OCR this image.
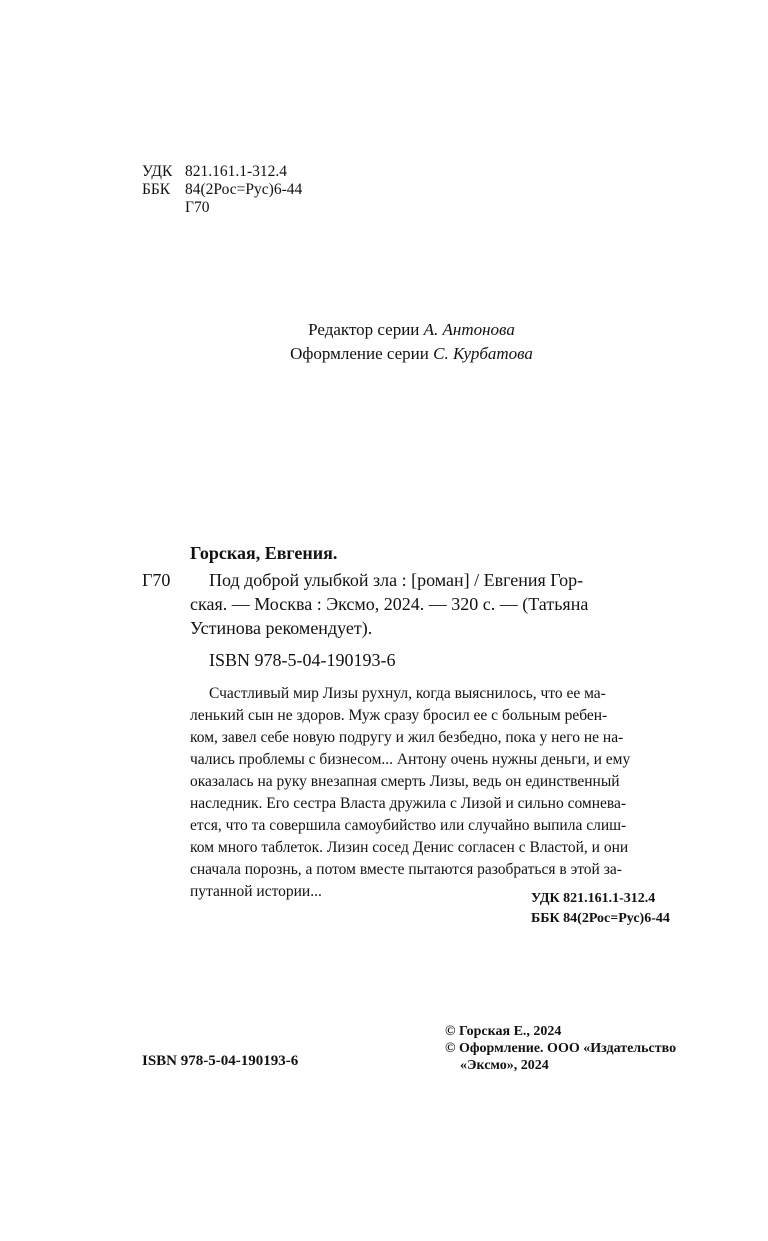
УДК 821.161.1-312.4
ББК 84(2Рос=Рус)6-44
Г70
Редактор серии А. Антонова
Оформление серии С. Курбатова
Горская, Евгения.
Г70 Под доброй улыбкой зла : [роман] / Евгения Гор-
ская. — Москва : Эксмо, 2024. — 320 с. — (Татьяна
Устинова рекомендует).
ISBN 978-5-04-190193-6
Счастливый мир Лизы рухнул, когда выяснилось, что ее ма-
ленький сын не здоров. Муж сразу бросил ее с больным ребен-
ком, завел себе новую подругу и жил безбедно, пока у него не на-
чались проблемы с бизнесом... Антону очень нужны деньги, и ему
оказалась на руку внезапная смерть Лизы, ведь он единственный
наследник. Его сестра Власта дружила с Лизой и сильно сомнева-
ется, что та совершила самоубийство или случайно выпила слиш-
ком много таблеток. Лизин сосед Денис согласен с Властой, и они
сначала порознь, а потом вместе пытаются разобраться в этой за-
путанной истории...	УДК 821.161.1-312.4
ББК 84(2Рос=Рус)6-44
ISBN 978-5-04-190193-6
© Горская Е., 2024
© Оформление. ООО «Издательство
«Эксмо», 2024
